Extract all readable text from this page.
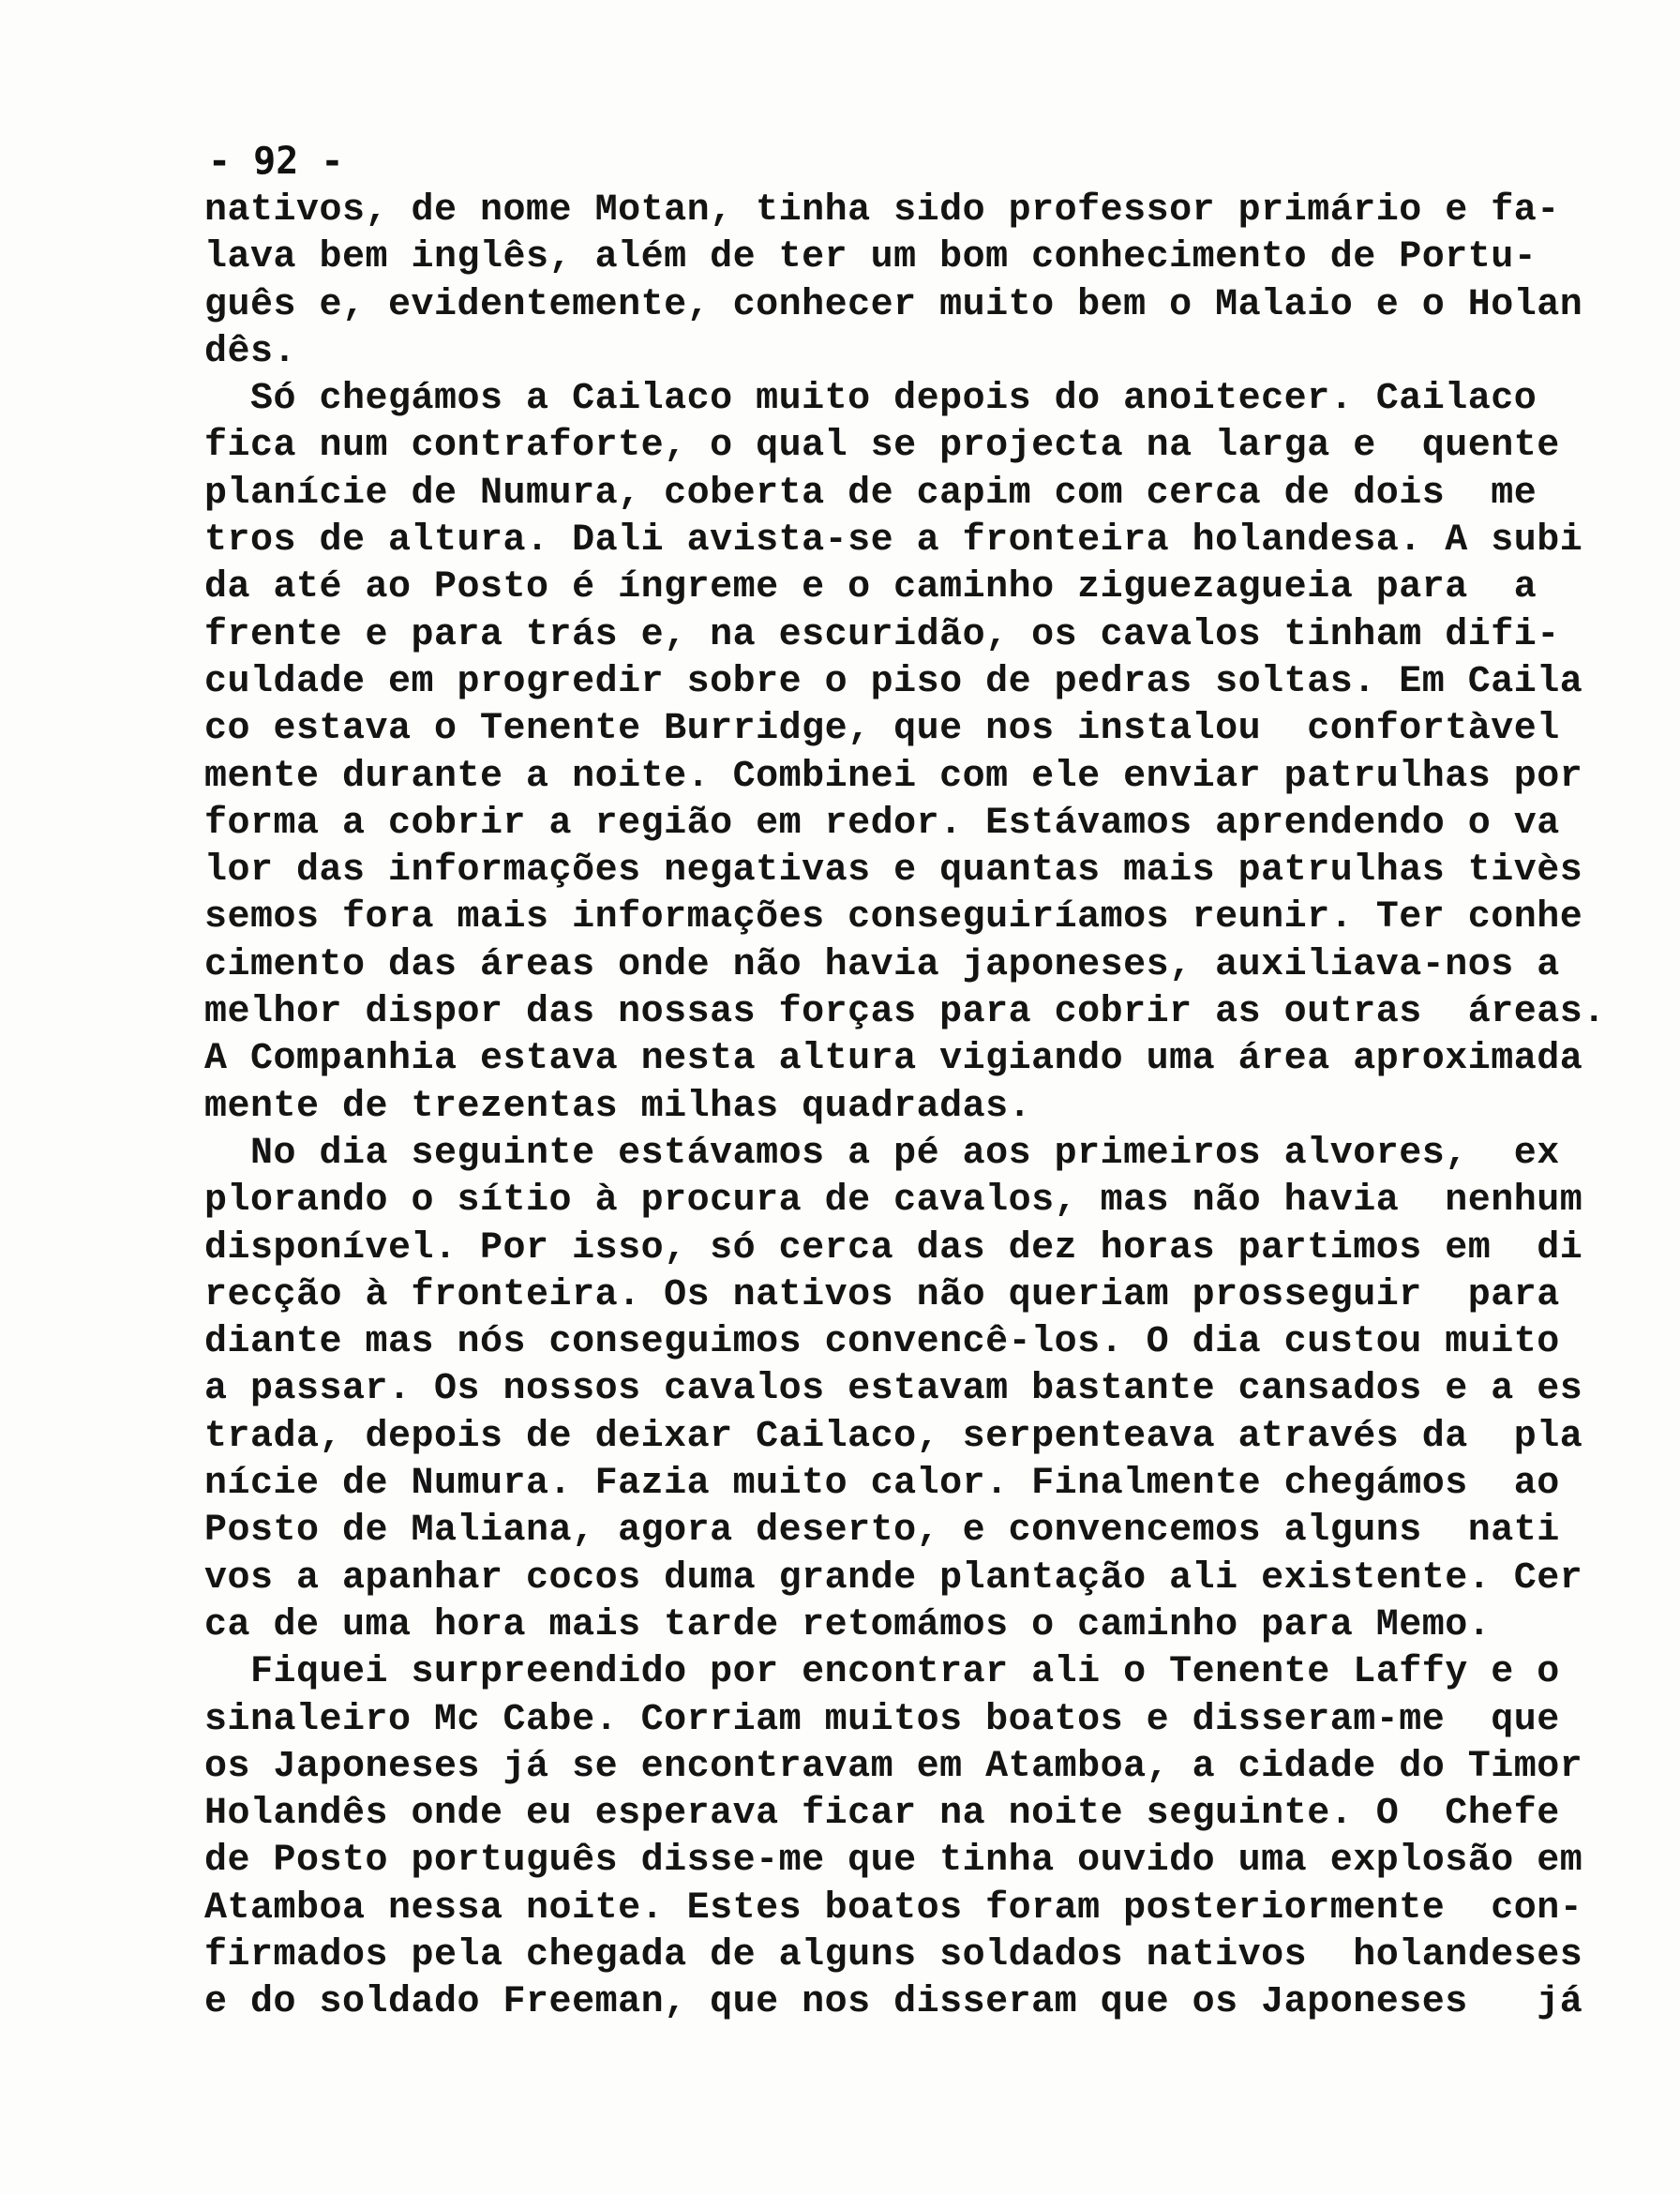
- 92 -
nativos, de nome Motan, tinha sido professor primário e fa-
lava bem inglês, além de ter um bom conhecimento de Portu-
guês e, evidentemente, conhecer muito bem o Malaio e o Holan
dês.
Só chegámos a Cailaco muito depois do anoitecer. Cailaco
fica num contraforte, o qual se projecta na larga e  quente
planície de Numura, coberta de capim com cerca de dois  me
tros de altura. Dali avista-se a fronteira holandesa. A subi
da até ao Posto é íngreme e o caminho ziguezagueia para  a
frente e para trás e, na escuridão, os cavalos tinham difi-
culdade em progredir sobre o piso de pedras soltas. Em Caila
co estava o Tenente Burridge, que nos instalou  confortàvel
mente durante a noite. Combinei com ele enviar patrulhas por
forma a cobrir a região em redor. Estávamos aprendendo o va
lor das informações negativas e quantas mais patrulhas tivès
semos fora mais informações conseguiríamos reunir. Ter conhe
cimento das áreas onde não havia japoneses, auxiliava-nos a
melhor dispor das nossas forças para cobrir as outras  áreas.
A Companhia estava nesta altura vigiando uma área aproximada
mente de trezentas milhas quadradas.
No dia seguinte estávamos a pé aos primeiros alvores,  ex
plorando o sítio à procura de cavalos, mas não havia  nenhum
disponível. Por isso, só cerca das dez horas partimos em  di
recção à fronteira. Os nativos não queriam prosseguir  para
diante mas nós conseguimos convencê-los. O dia custou muito
a passar. Os nossos cavalos estavam bastante cansados e a es
trada, depois de deixar Cailaco, serpenteava através da  pla
nície de Numura. Fazia muito calor. Finalmente chegámos  ao
Posto de Maliana, agora deserto, e convencemos alguns  nati
vos a apanhar cocos duma grande plantação ali existente. Cer
ca de uma hora mais tarde retomámos o caminho para Memo.
Fiquei surpreendido por encontrar ali o Tenente Laffy e o
sinaleiro Mc Cabe. Corriam muitos boatos e disseram-me  que
os Japoneses já se encontravam em Atamboa, a cidade do Timor
Holandês onde eu esperava ficar na noite seguinte. O  Chefe
de Posto português disse-me que tinha ouvido uma explosão em
Atamboa nessa noite. Estes boatos foram posteriormente  con-
firmados pela chegada de alguns soldados nativos  holandeses
e do soldado Freeman, que nos disseram que os Japoneses   já
